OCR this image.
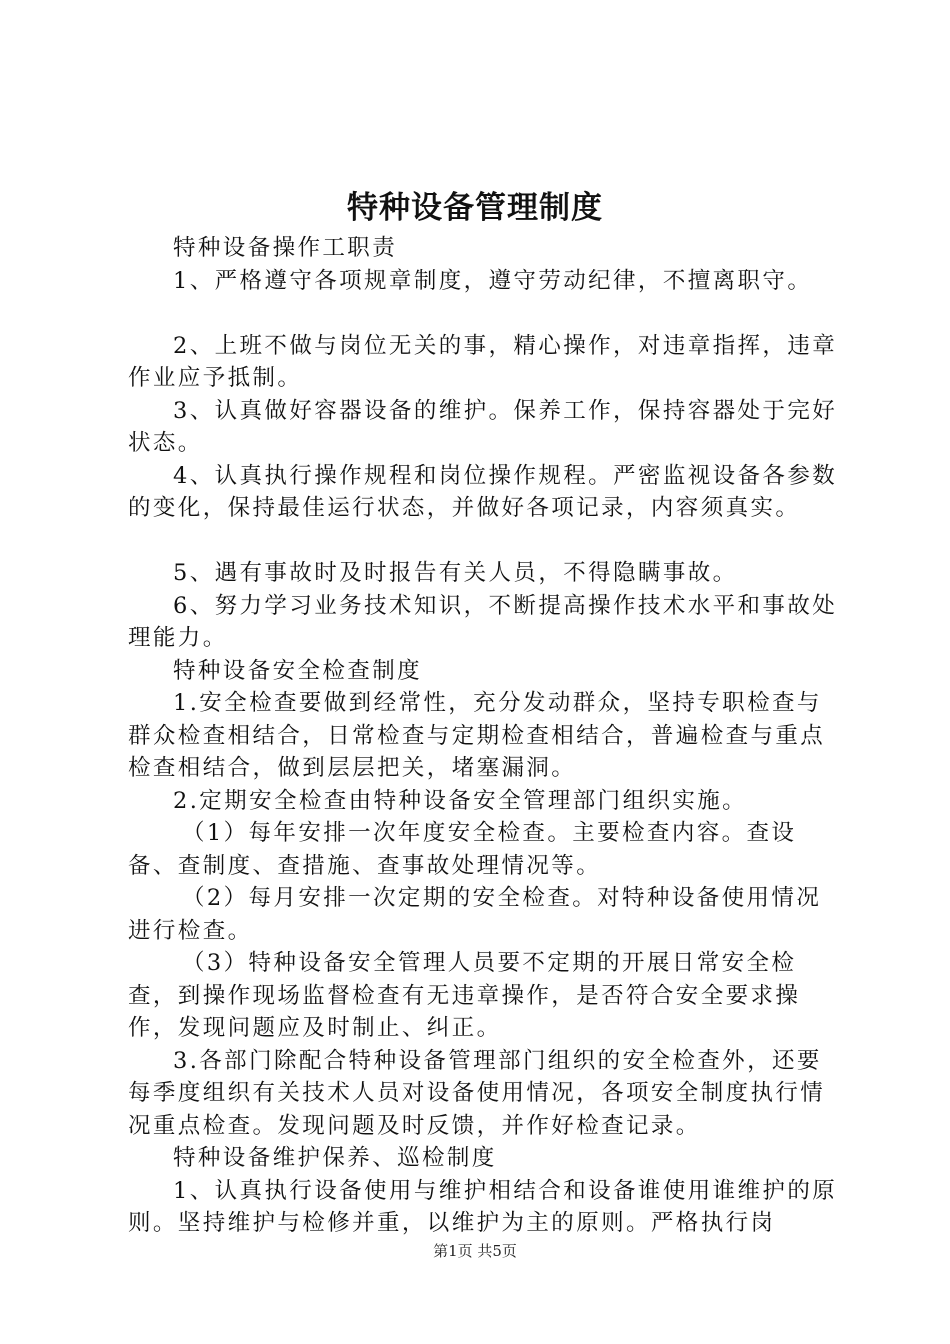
特种设备管理制度

特种设备操作工职责

1、严格遵守各项规章制度，遵守劳动纪律，不擅离职守。

2、上班不做与岗位无关的事，精心操作，对违章指挥，违章作业应予抵制。

3、认真做好容器设备的维护。保养工作，保持容器处于完好状态。

4、认真执行操作规程和岗位操作规程。严密监视设备各参数的变化，保持最佳运行状态，并做好各项记录，内容须真实。

5、遇有事故时及时报告有关人员，不得隐瞒事故。

6、努力学习业务技术知识，不断提高操作技术水平和事故处理能力。

特种设备安全检查制度

1.安全检查要做到经常性，充分发动群众，坚持专职检查与群众检查相结合，日常检查与定期检查相结合，普遍检查与重点检查相结合，做到层层把关，堵塞漏洞。

2.定期安全检查由特种设备安全管理部门组织实施。

（1）每年安排一次年度安全检查。主要检查内容。查设备、查制度、查措施、查事故处理情况等。

（2）每月安排一次定期的安全检查。对特种设备使用情况进行检查。

（3）特种设备安全管理人员要不定期的开展日常安全检查，到操作现场监督检查有无违章操作，是否符合安全要求操作，发现问题应及时制止、纠正。

3.各部门除配合特种设备管理部门组织的安全检查外，还要每季度组织有关技术人员对设备使用情况，各项安全制度执行情况重点检查。发现问题及时反馈，并作好检查记录。

特种设备维护保养、巡检制度

1、认真执行设备使用与维护相结合和设备谁使用谁维护的原则。坚持维护与检修并重，以维护为主的原则。严格执行岗

第1页 共5页
